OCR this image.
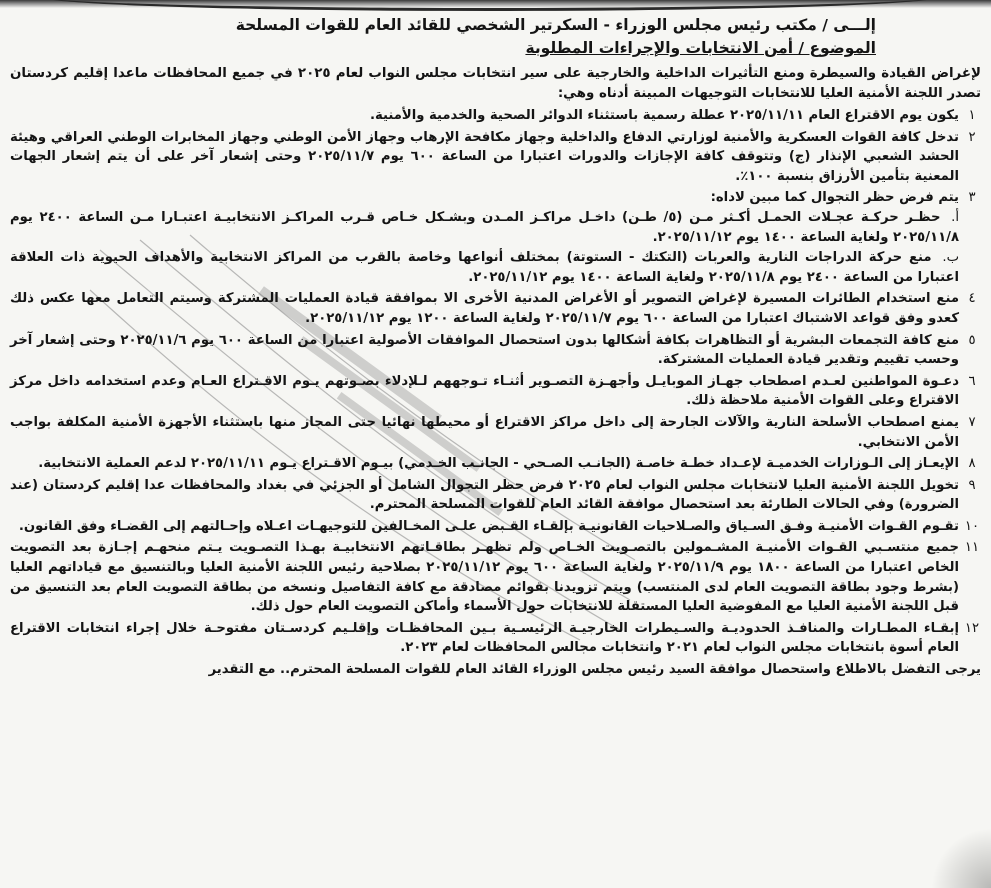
إلـــى / مكتب رئيس مجلس الوزراء - السكرتير الشخصي للقائد العام للقوات المسلحة
الموضوع / أمن الانتخابات والإجراءات المطلوبة
لإغراض القيادة والسيطرة ومنع التأثيرات الداخلية والخارجية على سير انتخابات مجلس النواب لعام ٢٠٢٥ في جميع المحافظات ماعدا إقليم كردستان تصدر اللجنة الأمنية العليا للانتخابات التوجيهات المبينة أدناه وهي:
١
يكون يوم الاقتراع العام ٢٠٢٥/١١/١١ عطلة رسمية باستثناء الدوائر الصحية والخدمية والأمنية.
٢
تدخل كافة القوات العسكرية والأمنية لوزارتي الدفاع والداخلية وجهاز مكافحة الإرهاب وجهاز الأمن الوطني وجهاز المخابرات الوطني العراقي وهيئة الحشد الشعبي الإنذار (ج) وتتوقف كافة الإجازات والدورات اعتبارا من الساعة ٦٠٠ يوم ٢٠٢٥/١١/٧ وحتى إشعار آخر على أن يتم إشعار الجهات المعنية بتأمين الأرزاق بنسبة ١٠٠٪.
٣
يتم فرض حظر التجوال كما مبين لاداه:
أ. حظـر حركـة عجـلات الحمـل أكـثر مـن (٥/ طـن) داخـل مراكـز المـدن وبشـكل خـاص قـرب المراكـز الانتخابيـة اعتبـارا مـن الساعة ٢٤٠٠ يوم ٢٠٢٥/١١/٨ ولغاية الساعة ١٤٠٠ يوم ٢٠٢٥/١١/١٢.
ب. منع حركة الدراجات النارية والعربات (التكتك - الستوتة) بمختلف أنواعها وخاصة بالقرب من المراكز الانتخابية والأهداف الحيوية ذات العلاقة اعتبارا من الساعة ٢٤٠٠ يوم ٢٠٢٥/١١/٨ ولغاية الساعة ١٤٠٠ يوم ٢٠٢٥/١١/١٢.
٤
منع استخدام الطائرات المسيرة لإغراض التصوير أو الأغراض المدنية الأخرى الا بموافقة قيادة العمليات المشتركة وسيتم التعامل معها عكس ذلك كعدو وفق قواعد الاشتباك اعتبارا من الساعة ٦٠٠ يوم ٢٠٢٥/١١/٧ ولغاية الساعة ١٢٠٠ يوم ٢٠٢٥/١١/١٢.
٥
منع كافة التجمعات البشرية أو التظاهرات بكافة أشكالها بدون استحصال الموافقات الأصولية اعتبارا من الساعة ٦٠٠ يوم ٢٠٢٥/١١/٦ وحتى إشعار آخر وحسب تقييم وتقدير قيادة العمليات المشتركة.
٦
دعـوة المواطنين لعـدم اصطحاب جهـاز الموبايـل وأجهـزة التصـوير أثنـاء تـوجههم لـلإدلاء بصـوتهم يـوم الاقـتراع العـام وعدم استخدامه داخل مركز الاقتراع وعلى القوات الأمنية ملاحظة ذلك.
٧
يمنع اصطحاب الأسلحة النارية والآلات الجارحة إلى داخل مراكز الاقتراع أو محيطها نهائيا حتى المجاز منها باستثناء الأجهزة الأمنية المكلفة بواجب الأمن الانتخابي.
٨
الإيعـاز إلى الـوزارات الخدميـة لإعـداد خطـة خاصـة (الجانـب الصـحي - الجانـب الخـدمي) بيـوم الاقـتراع يـوم ٢٠٢٥/١١/١١ لدعم العملية الانتخابية.
٩
تخويل اللجنة الأمنية العليا لانتخابات مجلس النواب لعام ٢٠٢٥ فرض حظر التجوال الشامل أو الجزئي في بغداد والمحافظات عدا إقليم كردستان (عند الضرورة) وفي الحالات الطارئة بعد استحصال موافقة القائد العام للقوات المسلحة المحترم.
١٠
تقـوم القـوات الأمنيـة وفـق السـياق والصـلاحيات القانونيـة بإلقـاء القـبض علـى المخـالفين للتوجيهـات اعـلاه وإحـالتهم إلى القضـاء وفق القانون.
١١
جميع منتسـبي القـوات الأمنيـة المشـمولين بالتصـويت الخـاص ولم تظهـر بطاقـاتهم الانتخابيـة بهـذا التصـويت يـتم منحهـم إجـازة بعد التصويت الخاص اعتبارا من الساعة ١٨٠٠ يوم ٢٠٢٥/١١/٩ ولغاية الساعة ٦٠٠ يوم ٢٠٢٥/١١/١٢ بصلاحية رئيس اللجنة الأمنية العليا وبالتنسيق مع قياداتهم العليا (بشرط وجود بطاقة التصويت العام لدى المنتسب) ويتم تزويدنا بقوائم مصادقة مع كافة التفاصيل ونسخه من بطاقة التصويت العام بعد التنسيق من قبل اللجنة الأمنية العليا مع المفوضية العليا المستقلة للانتخابات حول الأسماء وأماكن التصويت العام حول ذلك.
١٢
إبقـاء المطـارات والمنافـذ الحدوديـة والسـيطرات الخارجيـة الرئيسـية بـين المحافظـات وإقلـيم كردسـتان مفتوحـة خلال إجراء انتخابات الاقتراع العام أسوة بانتخابات مجلس النواب لعام ٢٠٢١ وانتخابات مجالس المحافظات لعام ٢٠٢٣.
يرجى التفضل بالاطلاع واستحصال موافقة السيد رئيس مجلس الوزراء القائد العام للقوات المسلحة المحترم.. مع التقدير
